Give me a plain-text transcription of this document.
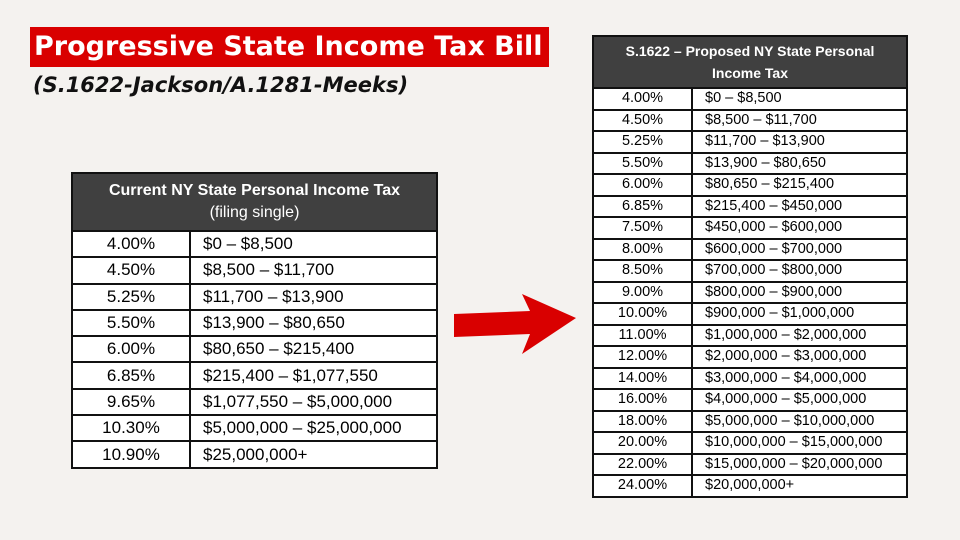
Progressive State Income Tax Bill
(S.1622-Jackson/A.1281-Meeks)
Current NY State Personal Income Tax
(filing single)	

4.00%	$0 – $8,500
4.50%	$8,500 – $11,700
5.25%	$11,700 – $13,900
5.50%	$13,900 – $80,650
6.00%	$80,650 – $215,400
6.85%	$215,400 – $1,077,550
9.65%	$1,077,550 – $5,000,000
10.30%	$5,000,000 – $25,000,000
10.90%	$25,000,000+
S.1622 – Proposed NY State Personal
Income Tax	

4.00%	$0 – $8,500
4.50%	$8,500 – $11,700
5.25%	$11,700 – $13,900
5.50%	$13,900 – $80,650
6.00%	$80,650 – $215,400
6.85%	$215,400 – $450,000
7.50%	$450,000 – $600,000
8.00%	$600,000 – $700,000
8.50%	$700,000 – $800,000
9.00%	$800,000 – $900,000
10.00%	$900,000 – $1,000,000
11.00%	$1,000,000 – $2,000,000
12.00%	$2,000,000 – $3,000,000
14.00%	$3,000,000 – $4,000,000
16.00%	$4,000,000 – $5,000,000
18.00%	$5,000,000 – $10,000,000
20.00%	$10,000,000 – $15,000,000
22.00%	$15,000,000 – $20,000,000
24.00%	$20,000,000+
